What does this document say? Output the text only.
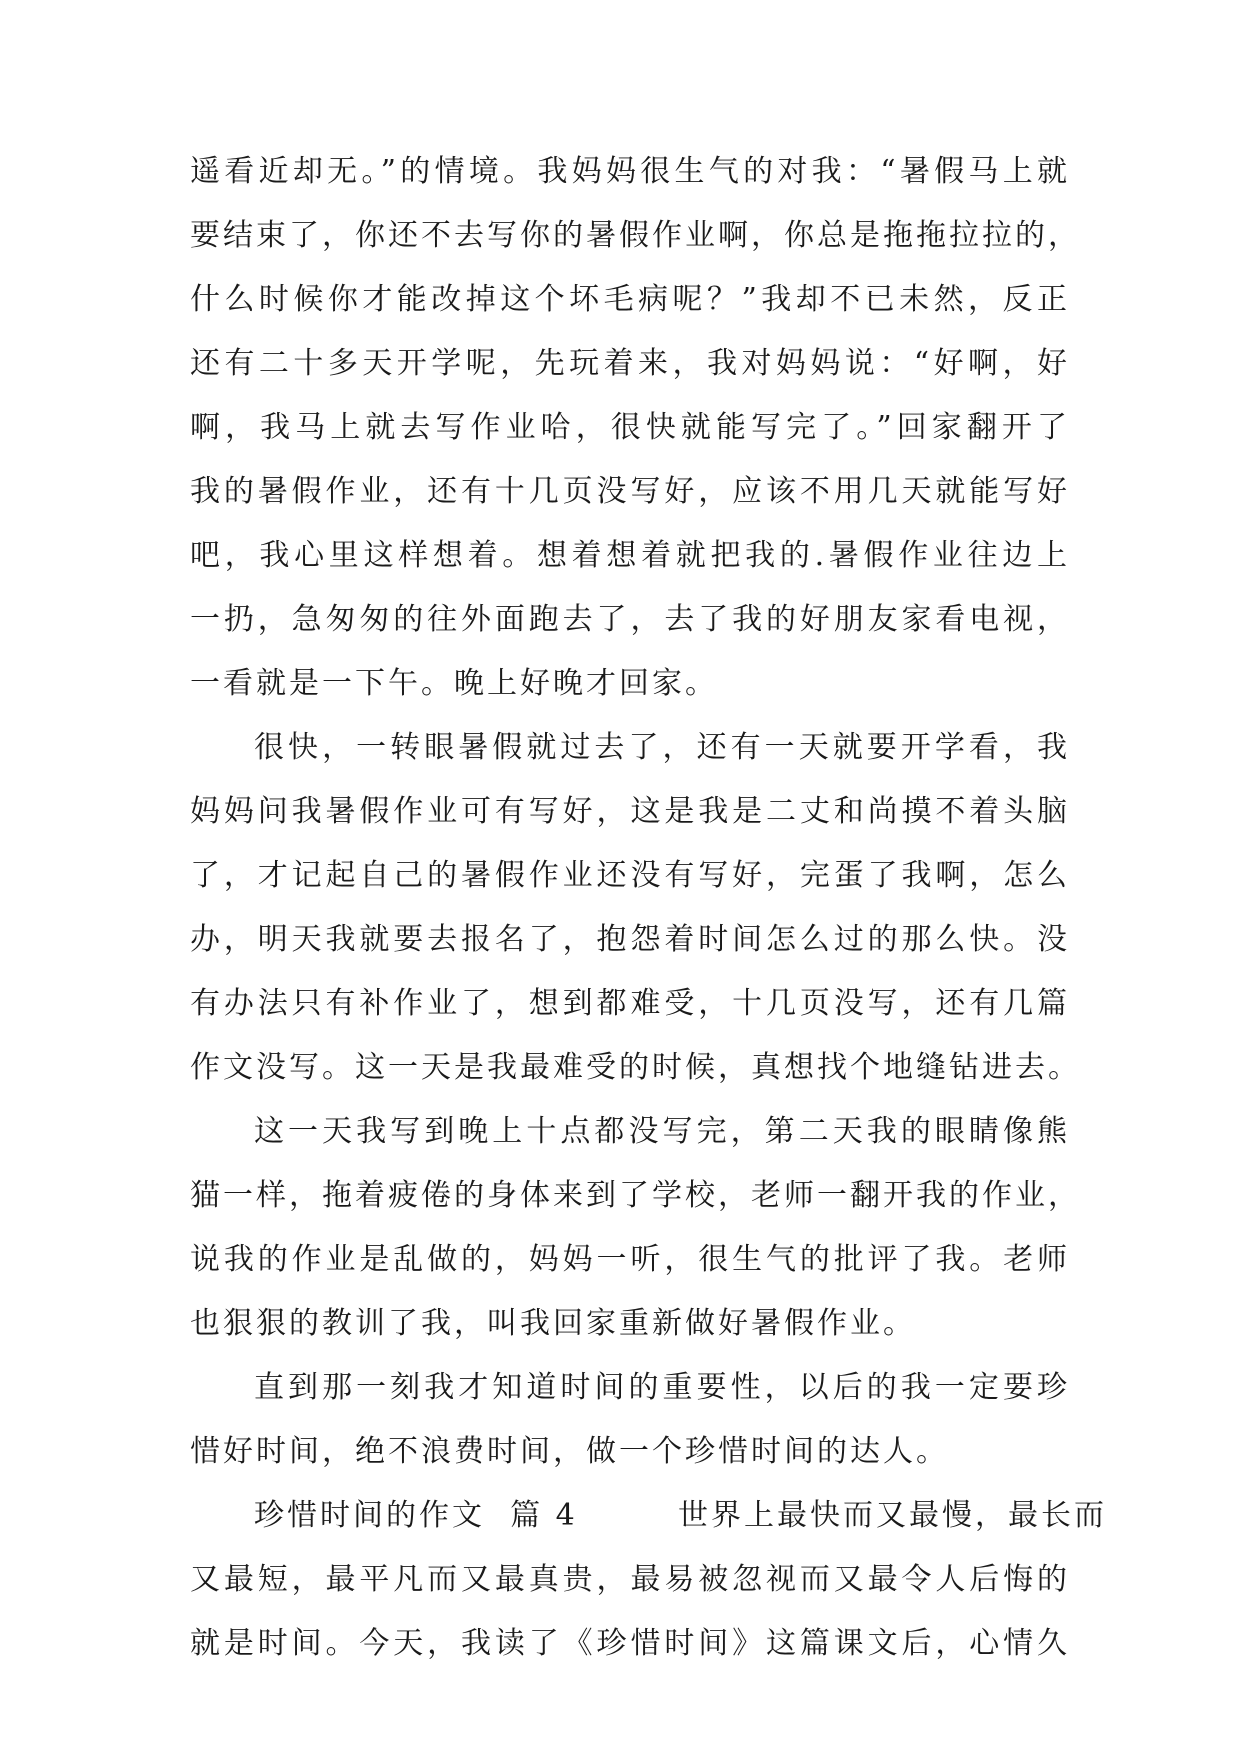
遥看近却无。”的情境。我妈妈很生气的对我：“暑假马上就
要结束了，你还不去写你的暑假作业啊，你总是拖拖拉拉的，
什么时候你才能改掉这个坏毛病呢？”我却不已未然，反正
还有二十多天开学呢，先玩着来，我对妈妈说：“好啊，好
啊，我马上就去写作业哈，很快就能写完了。”回家翻开了
我的暑假作业，还有十几页没写好，应该不用几天就能写好
吧，我心里这样想着。想着想着就把我的.暑假作业往边上
一扔，急匆匆的往外面跑去了，去了我的好朋友家看电视，
一看就是一下午。晚上好晚才回家。
很快，一转眼暑假就过去了，还有一天就要开学看，我
妈妈问我暑假作业可有写好，这是我是二丈和尚摸不着头脑
了，才记起自己的暑假作业还没有写好，完蛋了我啊，怎么
办，明天我就要去报名了，抱怨着时间怎么过的那么快。没
有办法只有补作业了，想到都难受，十几页没写，还有几篇
作文没写。这一天是我最难受的时候，真想找个地缝钻进去。
这一天我写到晚上十点都没写完，第二天我的眼睛像熊
猫一样，拖着疲倦的身体来到了学校，老师一翻开我的作业，
说我的作业是乱做的，妈妈一听，很生气的批评了我。老师
也狠狠的教训了我，叫我回家重新做好暑假作业。
直到那一刻我才知道时间的重要性，以后的我一定要珍
惜好时间，绝不浪费时间，做一个珍惜时间的达人。
珍惜时间的作文  篇 4        世界上最快而又最慢，最长而
又最短，最平凡而又最真贵，最易被忽视而又最令人后悔的
就是时间。今天，我读了《珍惜时间》这篇课文后，心情久
